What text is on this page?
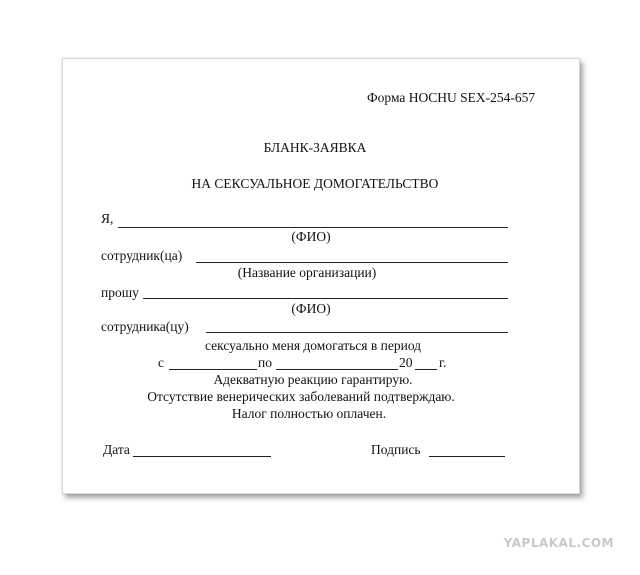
Форма HOCHU SEX-254-657
БЛАНК-ЗАЯВКА
НА СЕКСУАЛЬНОЕ ДОМОГАТЕЛЬСТВО
Я,
(ФИО)
сотрудник(ца)
(Название организации)
прошу
(ФИО)
сотрудника(цу)
сексуально меня домогаться в период
с	по	20 г.
Адекватную реакцию гарантирую.
Отсутствие венерических заболеваний подтверждаю.
Налог полностью оплачен.
Дата	Подпись
YAPLAKAL.COM
